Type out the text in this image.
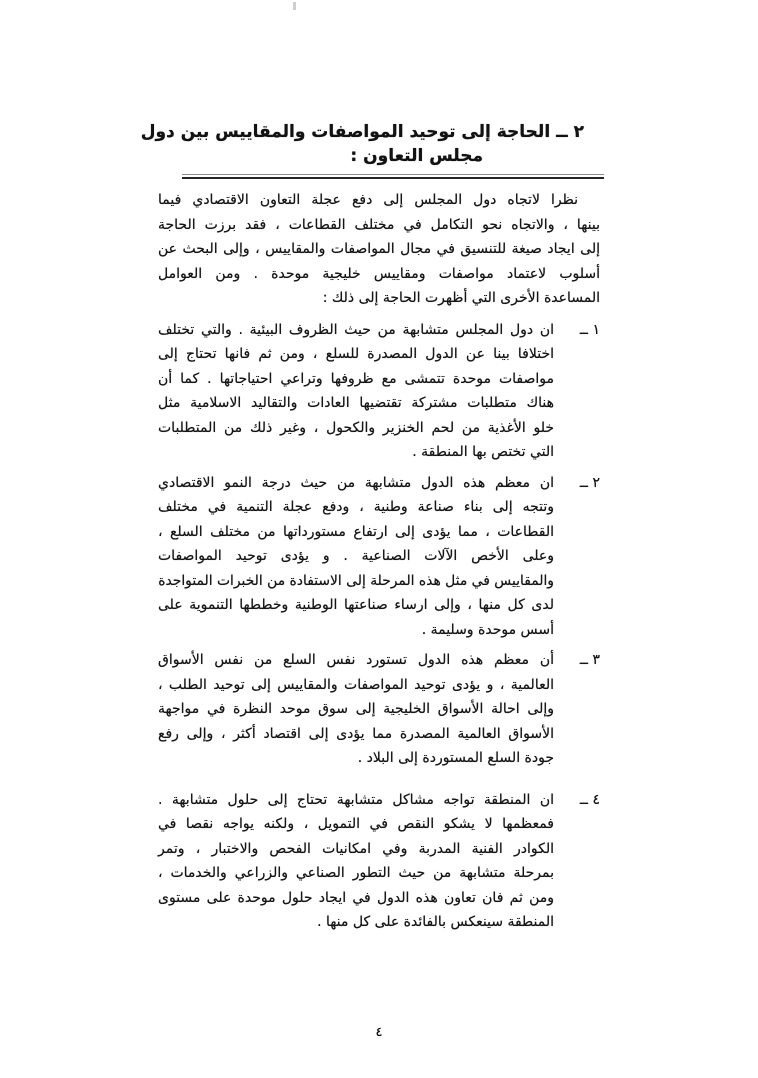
٢ ــ الحاجة إلى توحيد المواصفات والمقاييس بين دول
مجلس التعاون :
نظرا لاتجاه دول المجلس إلى دفع عجلة التعاون الاقتصادي فيما
بينها ، والاتجاه نحو التكامل في مختلف القطاعات ، فقد برزت الحاجة
إلى ايجاد صيغة للتنسيق في مجال المواصفات والمقاييس ، وإلى البحث عن
أسلوب لاعتماد مواصفات ومقاييس خليجية موحدة . ومن العوامل
المساعدة الأخرى التي أظهرت الحاجة إلى ذلك :
١ ــ
ان دول المجلس متشابهة من حيث الظروف البيئية . والتي تختلف
اختلافا بينا عن الدول المصدرة للسلع ، ومن ثم فانها تحتاج إلى
مواصفات موحدة تتمشى مع ظروفها وتراعي احتياجاتها . كما أن
هناك متطلبات مشتركة تقتضيها العادات والتقاليد الاسلامية مثل
خلو الأغذية من لحم الخنزير والكحول ، وغير ذلك من المتطلبات
التي تختص بها المنطقة .
٢ ــ
ان معظم هذه الدول متشابهة من حيث درجة النمو الاقتصادي
وتتجه إلى بناء صناعة وطنية ، ودفع عجلة التنمية في مختلف
القطاعات ، مما يؤدى إلى ارتفاع مستورداتها من مختلف السلع ،
وعلى الأخص الآلات الصناعية . و يؤدى توحيد المواصفات
والمقاييس في مثل هذه المرحلة إلى الاستفادة من الخبرات المتواجدة
لدى كل منها ، وإلى ارساء صناعتها الوطنية وخططها التنموية على
أسس موحدة وسليمة .
٣ ــ
أن معظم هذه الدول تستورد نفس السلع من نفس الأسواق
العالمية ، و يؤدى توحيد المواصفات والمقاييس إلى توحيد الطلب ،
وإلى احالة الأسواق الخليجية إلى سوق موحد النظرة في مواجهة
الأسواق العالمية المصدرة مما يؤدى إلى اقتصاد أكثر ، وإلى رفع
جودة السلع المستوردة إلى البلاد .
٤ ــ
ان المنطقة تواجه مشاكل متشابهة تحتاج إلى حلول متشابهة .
فمعظمها لا يشكو النقص في التمويل ، ولكنه يواجه نقصا في
الكوادر الفنية المدربة وفي امكانيات الفحص والاختبار ، وتمر
بمرحلة متشابهة من حيث التطور الصناعي والزراعي والخدمات ،
ومن ثم فان تعاون هذه الدول في ايجاد حلول موحدة على مستوى
المنطقة سينعكس بالفائدة على كل منها .
٤
